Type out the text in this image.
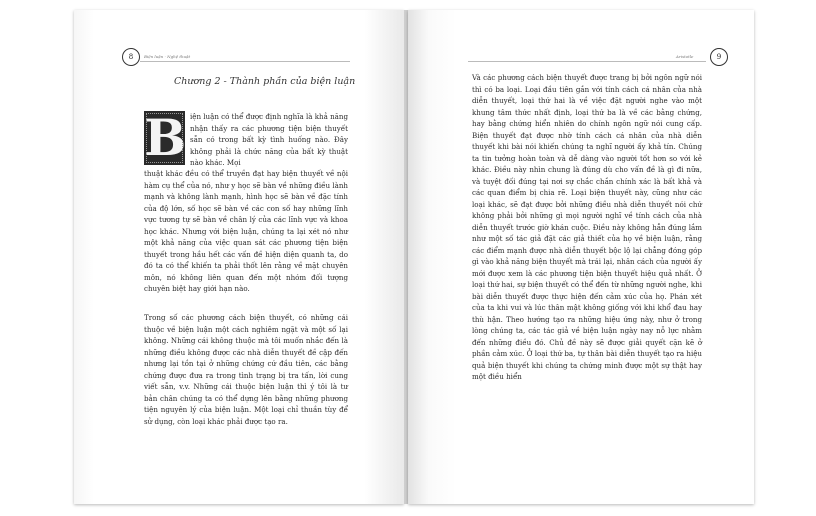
8	Biện luận · Nghệ thuật
Chương 2 - Thành phần của biện luận
B iện luận có thể được định nghĩa là khả năng nhận thấy ra các phương tiện biện thuyết sẵn có trong bất kỳ tình huống nào. Đây không phải là chức năng của bất kỳ thuật nào khác. Mọi

thuật khác đều có thể truyền đạt hay biện thuyết về nội hàm cụ thể của nó, như y học sẽ bàn về những điều lành mạnh và không lành mạnh, hình học sẽ bàn về đặc tính của độ lớn, số học sẽ bàn về các con số hay những lĩnh vực tương tự sẽ bàn về chân lý của các lĩnh vực và khoa học khác. Nhưng với biện luận, chúng ta lại xét nó như một khả năng của việc quan sát các phương tiện biện thuyết trong hầu hết các vấn đề hiện diện quanh ta, do đó ta có thể khiến ta phải thốt lên rằng về mặt chuyên môn, nó không liên quan đến một nhóm đối tượng chuyên biệt hay giới hạn nào.

Trong số các phương cách biện thuyết, có những cái thuộc về biện luận một cách nghiêm ngặt và một số lại không. Những cái không thuộc mà tôi muốn nhắc đến là những điều không được các nhà diễn thuyết đề cập đến nhưng lại tồn tại ở những chứng cứ đầu tiên, các bằng chứng được đưa ra trong tình trạng bị tra tấn, lời cung viết sẵn, v.v. Những cái thuộc biện luận thì ý tôi là tư bản chân chúng ta có thể dựng lên bằng những phương tiện nguyên lý của biện luận. Một loại chỉ thuần tùy để sử dụng, còn loại khác phải được tạo ra.

Aristotle	9

Và các phương cách biện thuyết được trang bị bởi ngôn ngữ nói thì có ba loại. Loại đầu tiên gắn với tính cách cá nhân của nhà diễn thuyết, loại thứ hai là về việc đặt người nghe vào một khung tâm thức nhất định, loại thứ ba là về các bằng chứng, hay bằng chứng hiển nhiên do chính ngôn ngữ nói cung cấp. Biện thuyết đạt được nhờ tính cách cá nhân của nhà diễn thuyết khi bài nói khiến chúng ta nghĩ người ấy khả tín. Chúng ta tin tưởng hoàn toàn và dễ dàng vào người tốt hơn so với kẻ khác. Điều này nhìn chung là đúng dù cho vấn đề là gì đi nữa, và tuyệt đối đúng tại nơi sự chắc chắn chính xác là bất khả và các quan điểm bị chia rẽ. Loại biện thuyết này, cũng như các loại khác, sẽ đạt được bởi những điều nhà diễn thuyết nói chứ không phải bởi những gì mọi người nghĩ về tính cách của nhà diễn thuyết trước giờ khán cuộc. Điều này không hẳn đúng lắm như một số tác giả đặt các giả thiết của họ về biện luận, rằng các điểm mạnh được nhà diễn thuyết bộc lộ lại chẳng đóng góp gì vào khả năng biện thuyết mà trái lại, nhân cách của người ấy mới được xem là các phương tiện biện thuyết hiệu quả nhất. Ở loại thứ hai, sự biện thuyết có thể đến từ những người nghe, khi bài diễn thuyết được thực hiện đến cảm xúc của họ. Phán xét của ta khi vui và lúc thân mật không giống với khi khổ đau hay thù hận. Theo hướng tạo ra những hiệu ứng này, như ở trong lòng chúng ta, các tác giả về biện luận ngày nay nỗ lực nhằm đến những điều đó. Chủ đề này sẽ được giải quyết cặn kẽ ở phần cảm xúc. Ở loại thứ ba, tự thân bài diễn thuyết tạo ra hiệu quả biện thuyết khi chúng ta chứng minh được một sự thật hay một điều hiển
